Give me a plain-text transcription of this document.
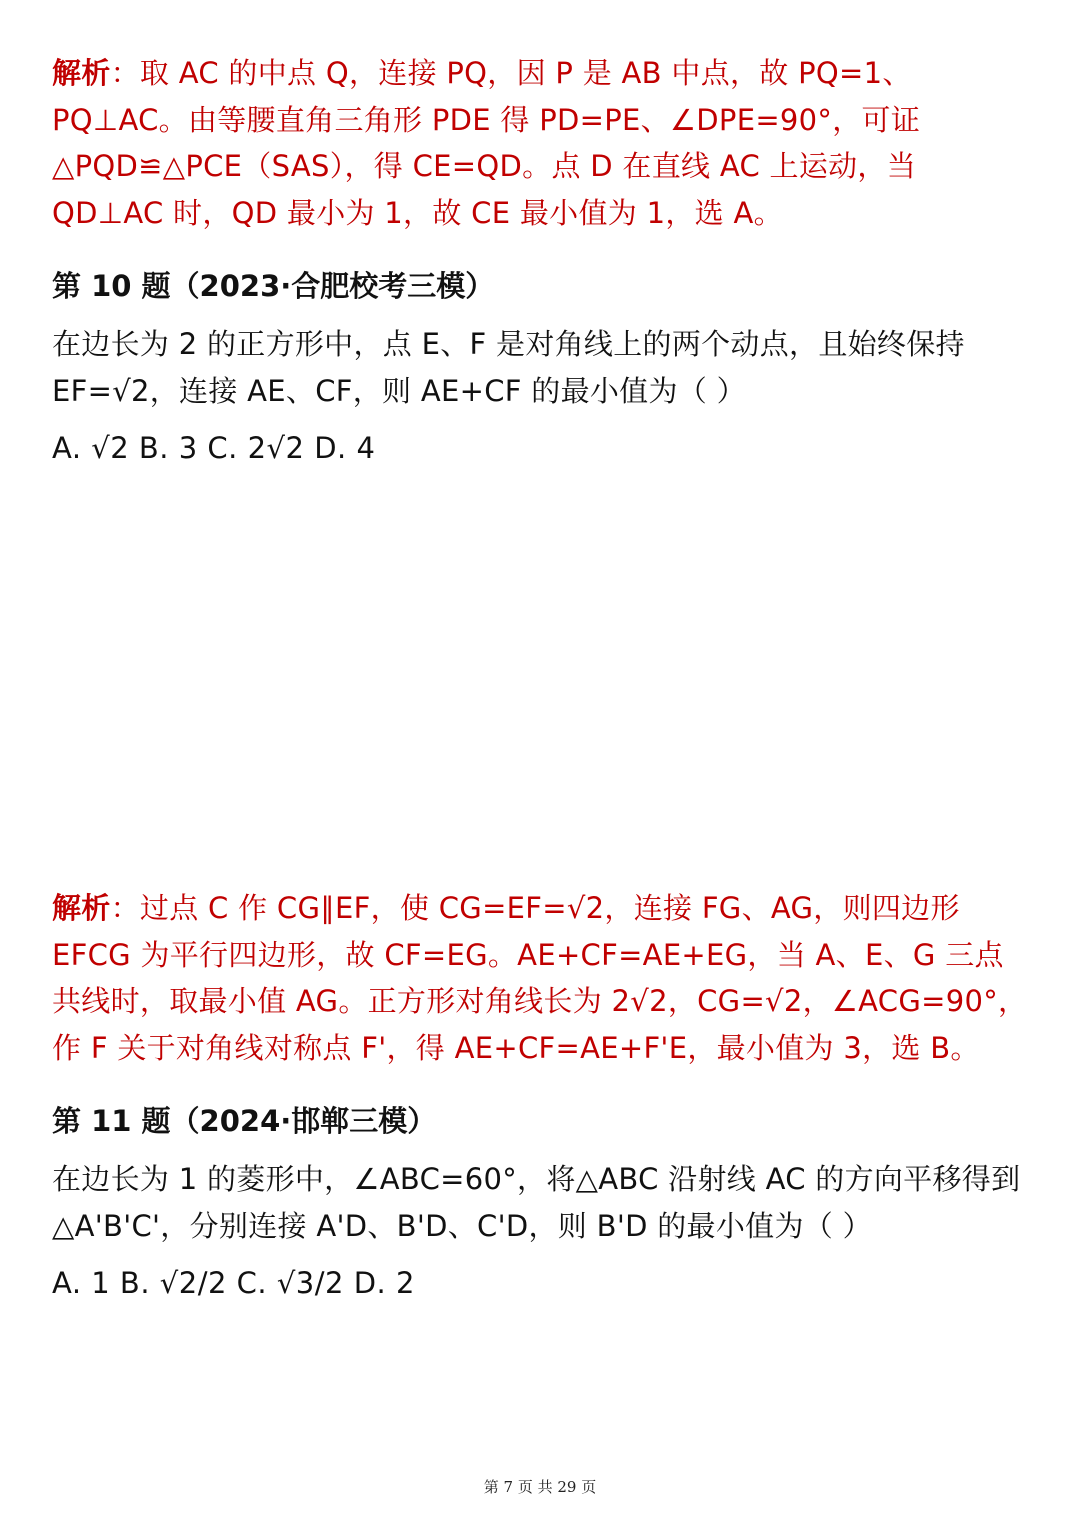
解析：取 AC 的中点 Q，连接 PQ，因 P 是 AB 中点，故 PQ=1、PQ⊥AC。由等腰直角三角形 PDE 得 PD=PE、∠DPE=90°，可证△PQD≌△PCE（SAS），得 CE=QD。点 D 在直线 AC 上运动，当 QD⊥AC 时，QD 最小为 1，故 CE 最小值为 1，选 A。
第 10 题（2023·合肥校考三模）
在边长为 2 的正方形中，点 E、F 是对角线上的两个动点，且始终保持 EF=√2，连接 AE、CF，则 AE+CF 的最小值为（ ）
A. √2 B. 3 C. 2√2 D. 4
解析：过点 C 作 CG∥EF，使 CG=EF=√2，连接 FG、AG，则四边形 EFCG 为平行四边形，故 CF=EG。AE+CF=AE+EG，当 A、E、G 三点共线时，取最小值 AG。正方形对角线长为 2√2，CG=√2，∠ACG=90°，作 F 关于对角线对称点 F'，得 AE+CF=AE+F'E，最小值为 3，选 B。
第 11 题（2024·邯郸三模）
在边长为 1 的菱形中，∠ABC=60°，将△ABC 沿射线 AC 的方向平移得到△A'B'C'，分别连接 A'D、B'D、C'D，则 B'D 的最小值为（ ）
A. 1 B. √2/2 C. √3/2 D. 2
第 7 页 共 29 页
